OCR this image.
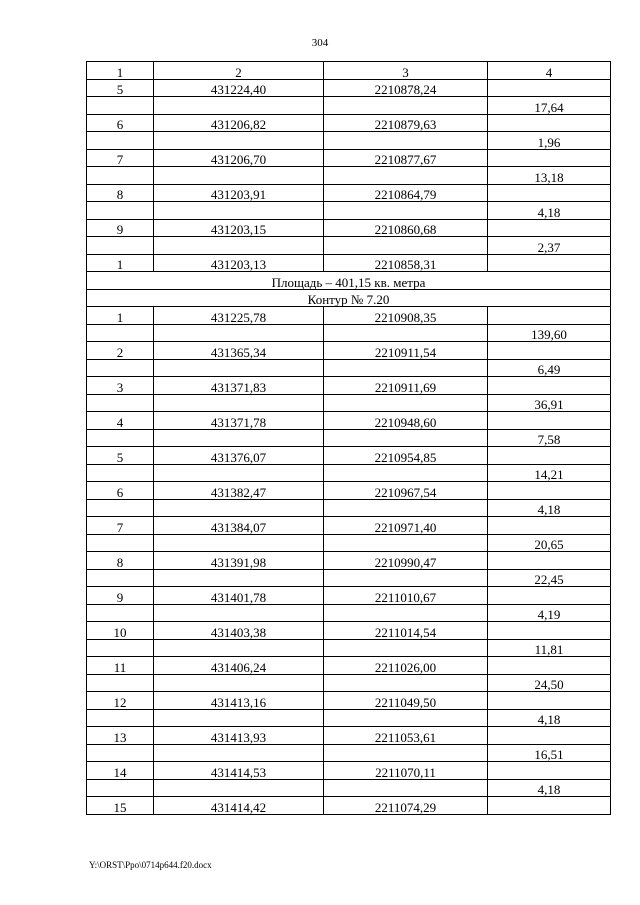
304
1	2	3	4
5	431224,40	2210878,24	
			17,64
6	431206,82	2210879,63	
			1,96
7	431206,70	2210877,67	
			13,18
8	431203,91	2210864,79	
			4,18
9	431203,15	2210860,68	
			2,37
1	431203,13	2210858,31	
Площадь – 401,15 кв. метра			
Контур № 7.20			
1	431225,78	2210908,35	
			139,60
2	431365,34	2210911,54	
			6,49
3	431371,83	2210911,69	
			36,91
4	431371,78	2210948,60	
			7,58
5	431376,07	2210954,85	
			14,21
6	431382,47	2210967,54	
			4,18
7	431384,07	2210971,40	
			20,65
8	431391,98	2210990,47	
			22,45
9	431401,78	2211010,67	
			4,19
10	431403,38	2211014,54	
			11,81
11	431406,24	2211026,00	
			24,50
12	431413,16	2211049,50	
			4,18
13	431413,93	2211053,61	
			16,51
14	431414,53	2211070,11	
			4,18
15	431414,42	2211074,29	
Y:\ORST\Ppo\0714p644.f20.docx
